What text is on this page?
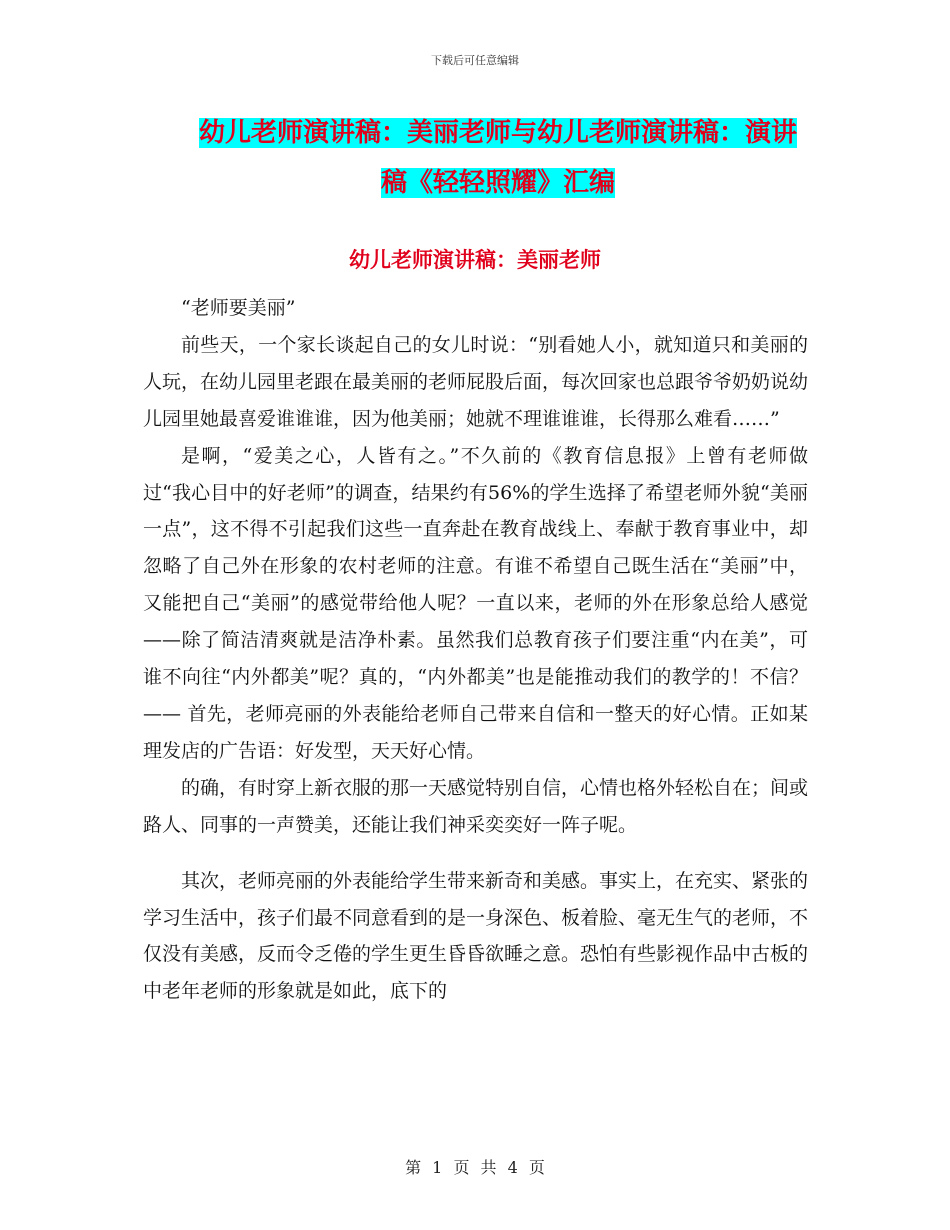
下载后可任意编辑
幼儿老师演讲稿：美丽老师与幼儿老师演讲稿：演讲稿《轻轻照耀》汇编
幼儿老师演讲稿：美丽老师

“老师要美丽”

前些天，一个家长谈起自己的女儿时说：“别看她人小，就知道只和美丽的人玩，在幼儿园里老跟在最美丽的老师屁股后面，每次回家也总跟爷爷奶奶说幼儿园里她最喜爱谁谁谁，因为他美丽；她就不理谁谁谁，长得那么难看……”

是啊，“爱美之心，人皆有之。”不久前的《教育信息报》上曾有老师做过“我心目中的好老师”的调查，结果约有56%的学生选择了希望老师外貌“美丽一点”，这不得不引起我们这些一直奔赴在教育战线上、奉献于教育事业中，却忽略了自己外在形象的农村老师的注意。有谁不希望自己既生活在“美丽”中，又能把自己“美丽”的感觉带给他人呢？一直以来，老师的外在形象总给人感觉——除了简洁清爽就是洁净朴素。虽然我们总教育孩子们要注重“内在美”，可谁不向往“内外都美”呢？真的，“内外都美”也是能推动我们的教学的！不信？—— 首先，老师亮丽的外表能给老师自己带来自信和一整天的好心情。正如某理发店的广告语：好发型，天天好心情。

的确，有时穿上新衣服的那一天感觉特别自信，心情也格外轻松自在；间或路人、同事的一声赞美，还能让我们神采奕奕好一阵子呢。

其次，老师亮丽的外表能给学生带来新奇和美感。事实上，在充实、紧张的学习生活中，孩子们最不同意看到的是一身深色、板着脸、毫无生气的老师，不仅没有美感，反而令乏倦的学生更生昏昏欲睡之意。恐怕有些影视作品中古板的中老年老师的形象就是如此，底下的

第 1 页 共 4 页
